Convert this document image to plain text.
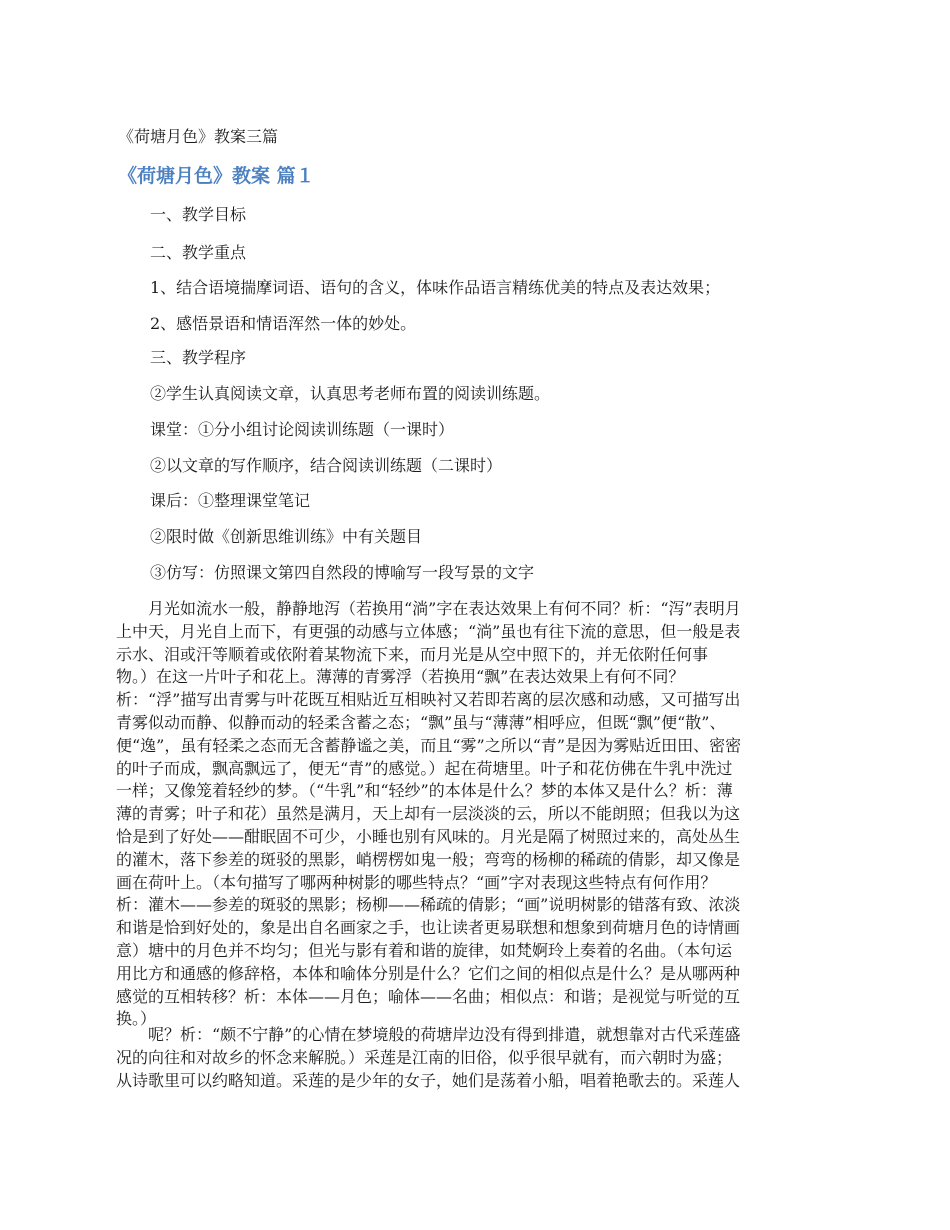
《荷塘月色》教案三篇
《荷塘月色》教案 篇１
一、教学目标
二、教学重点
1、结合语境揣摩词语、语句的含义，体味作品语言精练优美的特点及表达效果；
2、感悟景语和情语浑然一体的妙处。
三、教学程序
②学生认真阅读文章，认真思考老师布置的阅读训练题。
课堂：①分小组讨论阅读训练题（一课时）
②以文章的写作顺序，结合阅读训练题（二课时）
课后：①整理课堂笔记
②限时做《创新思维训练》中有关题目
③仿写：仿照课文第四自然段的博喻写一段写景的文字
　　月光如流水一般，静静地泻（若换用“淌”字在表达效果上有何不同？析：“泻”表明月
上中天，月光自上而下，有更强的动感与立体感；“淌”虽也有往下流的意思，但一般是表
示水、泪或汗等顺着或依附着某物流下来，而月光是从空中照下的，并无依附任何事
物。）在这一片叶子和花上。薄薄的青雾浮（若换用“飘”在表达效果上有何不同？
析：“浮”描写出青雾与叶花既互相贴近互相映衬又若即若离的层次感和动感，又可描写出
青雾似动而静、似静而动的轻柔含蓄之态；“飘”虽与“薄薄”相呼应，但既“飘”便“散”、
便“逸”，虽有轻柔之态而无含蓄静谧之美，而且“雾”之所以“青”是因为雾贴近田田、密密
的叶子而成，飘高飘远了，便无“青”的感觉。）起在荷塘里。叶子和花仿佛在牛乳中洗过
一样；又像笼着轻纱的梦。（“牛乳”和“轻纱”的本体是什么？梦的本体又是什么？析：薄
薄的青雾；叶子和花）虽然是满月，天上却有一层淡淡的云，所以不能朗照；但我以为这
恰是到了好处——酣眠固不可少，小睡也别有风味的。月光是隔了树照过来的，高处丛生
的灌木，落下参差的斑驳的黑影，峭楞楞如鬼一般；弯弯的杨柳的稀疏的倩影，却又像是
画在荷叶上。（本句描写了哪两种树影的哪些特点？“画”字对表现这些特点有何作用？
析：灌木——参差的斑驳的黑影；杨柳——稀疏的倩影；“画”说明树影的错落有致、浓淡
和谐是恰到好处的，象是出自名画家之手，也让读者更易联想和想象到荷塘月色的诗情画
意）塘中的月色并不均匀；但光与影有着和谐的旋律，如梵婀玲上奏着的名曲。（本句运
用比方和通感的修辞格，本体和喻体分别是什么？它们之间的相似点是什么？是从哪两种
感觉的互相转移？析：本体——月色；喻体——名曲；相似点：和谐；是视觉与听觉的互
换。）
　　呢？析：“颇不宁静”的心情在梦境般的荷塘岸边没有得到排遣，就想靠对古代采莲盛
况的向往和对故乡的怀念来解脱。）采莲是江南的旧俗，似乎很早就有，而六朝时为盛；
从诗歌里可以约略知道。采莲的是少年的女子，她们是荡着小船，唱着艳歌去的。采莲人
